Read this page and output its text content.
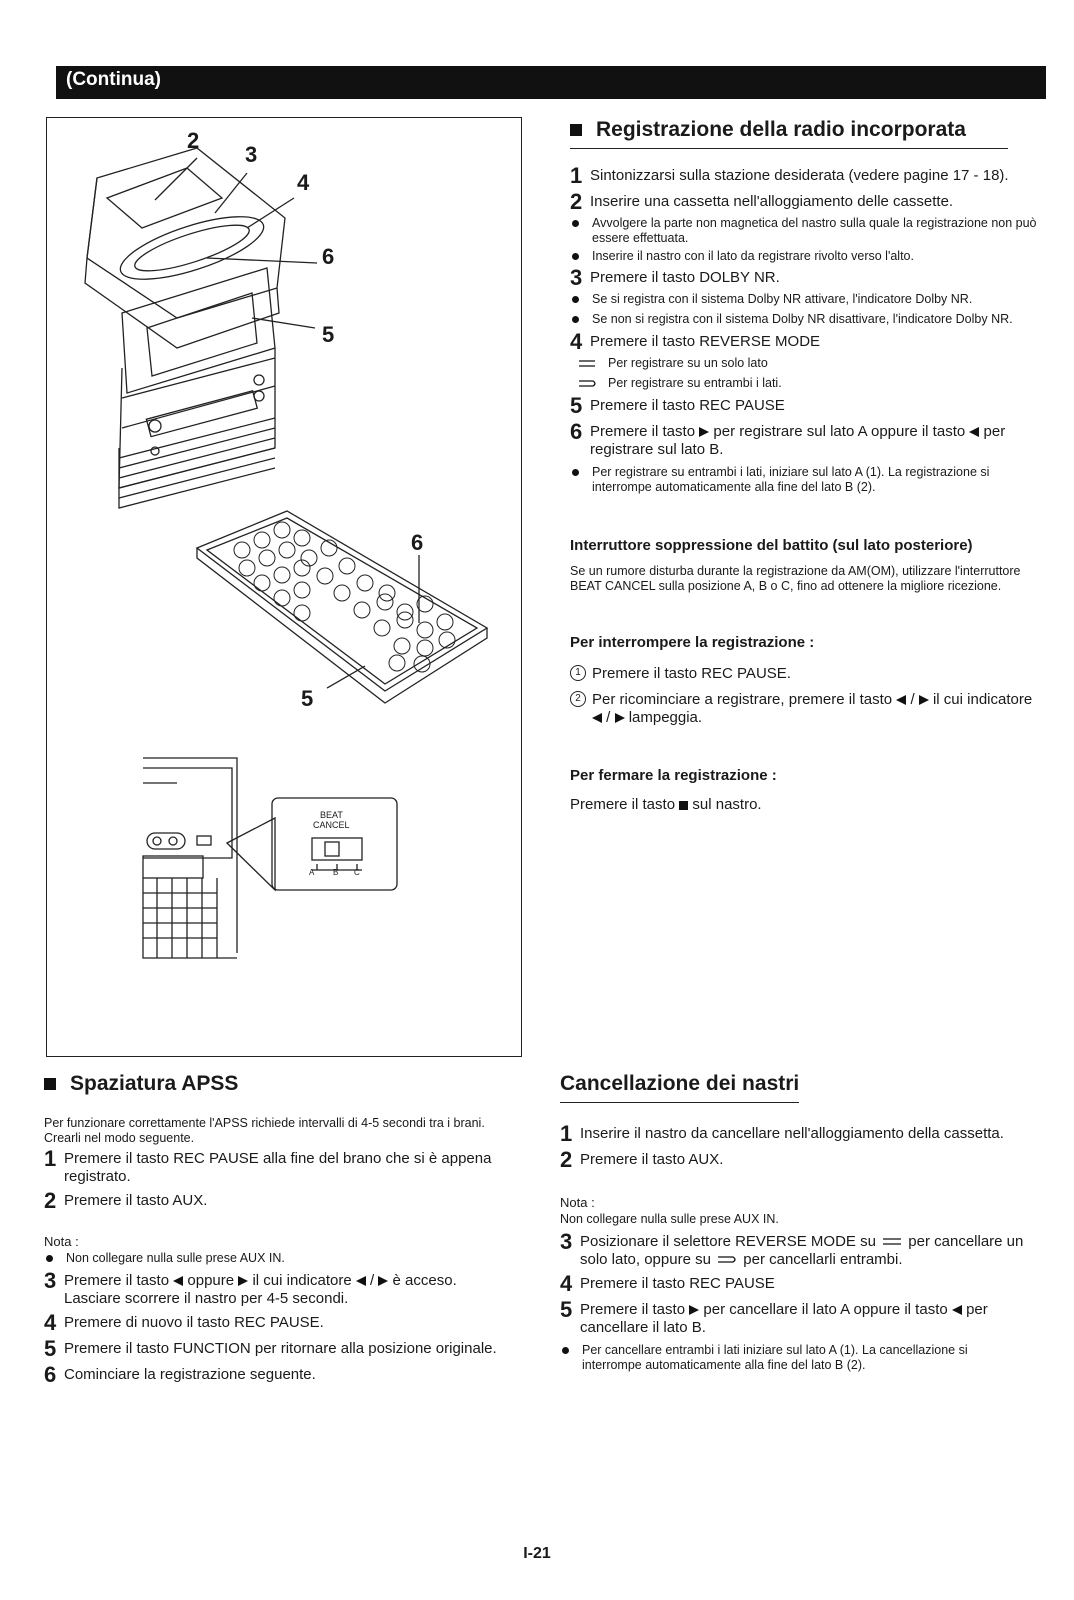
(Continua)
2
3
4
6
5
6
5
BEAT
CANCEL
A B C
Registrazione della radio incorporata
1 Sintonizzarsi sulla stazione desiderata (vedere pagine 17 - 18).
2 Inserire una cassetta nell'alloggiamento delle cassette.
Avvolgere la parte non magnetica del nastro sulla quale la registrazione non può essere effettuata.
Inserire il nastro con il lato da registrare rivolto verso l'alto.
3 Premere il tasto DOLBY NR.
Se si registra con il sistema Dolby NR attivare, l'indicatore Dolby NR.
Se non si registra con il sistema Dolby NR disattivare, l'indicatore Dolby NR.
4 Premere il tasto REVERSE MODE
Per registrare su un solo lato
Per registrare su entrambi i lati.
5 Premere il tasto REC PAUSE
6 Premere il tasto per registrare sul lato A oppure il tasto per registrare sul lato B.
Per registrare su entrambi i lati, iniziare sul lato A (1). La registrazione si interrompe automaticamente alla fine del lato B (2).
Interruttore soppressione del battito (sul lato posteriore)
Se un rumore disturba durante la registrazione da AM(OM), utilizzare l'interruttore BEAT CANCEL sulla posizione A, B o C, fino ad ottenere la migliore ricezione.
Per interrompere la registrazione :
1 Premere il tasto REC PAUSE.
2 Per ricominciare a registrare, premere il tasto  /  il cui indicatore  /  lampeggia.
Per fermare la registrazione :
Premere il tasto sul nastro.
Spaziatura APSS
Per funzionare correttamente l'APSS richiede intervalli di 4-5 secondi tra i brani. Crearli nel modo seguente.
1 Premere il tasto REC PAUSE alla fine del brano che si è appena registrato.
2 Premere il tasto AUX.
Nota :
Non collegare nulla sulle prese AUX IN.
3 Premere il tasto oppure il cui indicatore  /  è acceso. Lasciare scorrere il nastro per 4-5 secondi.
4 Premere di nuovo il tasto REC PAUSE.
5 Premere il tasto FUNCTION per ritornare alla posizione originale.
6 Cominciare la registrazione seguente.
Cancellazione dei nastri
1 Inserire il nastro da cancellare nell'alloggiamento della cassetta.
2 Premere il tasto AUX.
Nota :
Non collegare nulla sulle prese AUX IN.
3 Posizionare il selettore REVERSE MODE su per cancellare un solo lato, oppure su per cancellarli entrambi.
4 Premere il tasto REC PAUSE
5 Premere il tasto per cancellare il lato A oppure il tasto per cancellare il lato B.
Per cancellare entrambi i lati iniziare sul lato A (1). La cancellazione si interrompe automaticamente alla fine del lato B (2).
I-21
